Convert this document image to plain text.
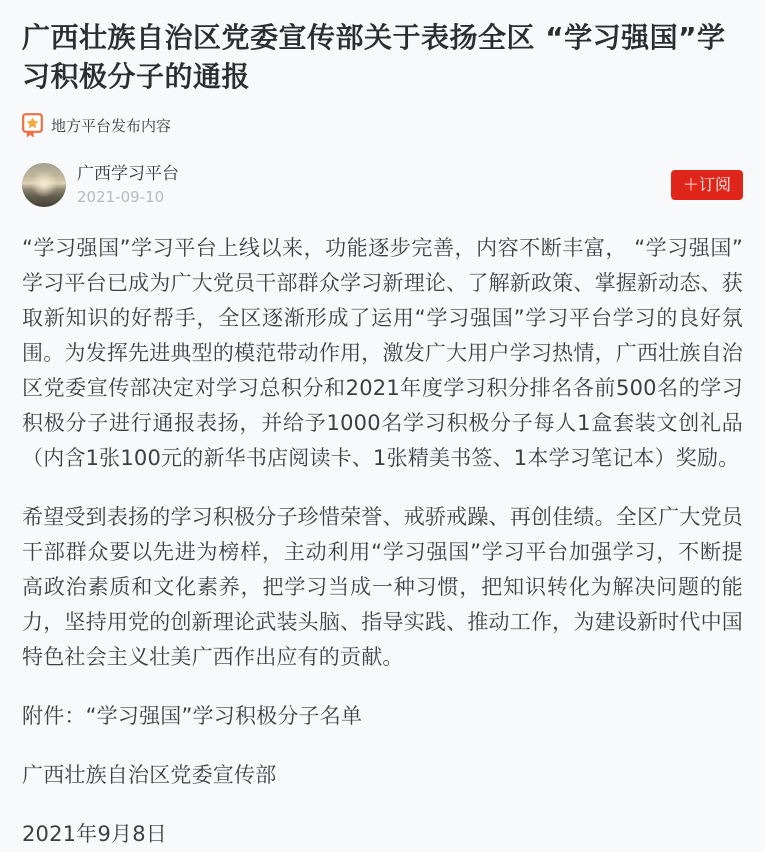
广西壮族自治区党委宣传部关于表扬全区 “学习强国”学习积极分子的通报
地方平台发布内容
广西学习平台
2021-09-10
＋订阅

“学习强国”学习平台上线以来，功能逐步完善，内容不断丰富， “学习强国”学习平台已成为广大党员干部群众学习新理论、了解新政策、掌握新动态、获取新知识的好帮手，全区逐渐形成了运用“学习强国”学习平台学习的良好氛围。为发挥先进典型的模范带动作用，激发广大用户学习热情，广西壮族自治区党委宣传部决定对学习总积分和2021年度学习积分排名各前500名的学习积极分子进行通报表扬，并给予1000名学习积极分子每人1盒套装文创礼品（内含1张100元的新华书店阅读卡、1张精美书签、1本学习笔记本）奖励。

希望受到表扬的学习积极分子珍惜荣誉、戒骄戒躁、再创佳绩。全区广大党员干部群众要以先进为榜样，主动利用“学习强国”学习平台加强学习，不断提高政治素质和文化素养，把学习当成一种习惯，把知识转化为解决问题的能力，坚持用党的创新理论武装头脑、指导实践、推动工作，为建设新时代中国特色社会主义壮美广西作出应有的贡献。

附件：“学习强国”学习积极分子名单

广西壮族自治区党委宣传部

2021年9月8日
